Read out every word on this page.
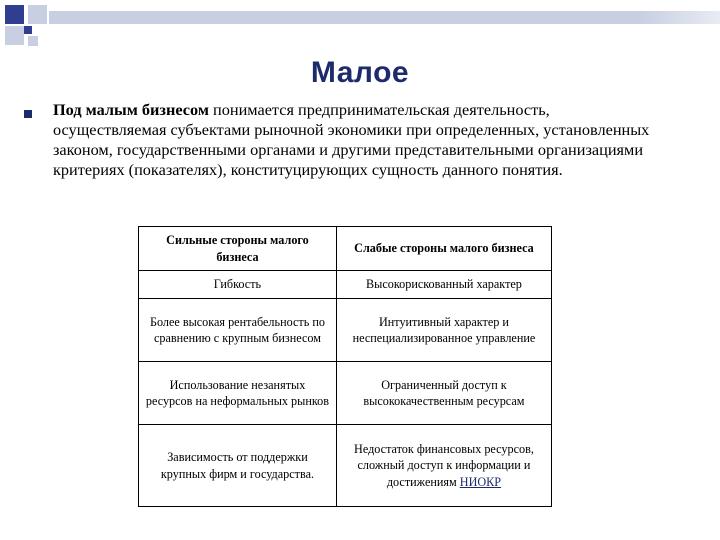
Малое
Под малым бизнесом понимается предпринимательская деятельность, осуществляемая субъектами рыночной экономики при определенных, установленных законом, государственными органами и другими представительными организациями критериях (показателях), конституцирующих сущность данного понятия.
Сильные стороны малого бизнеса	Слабые стороны малого бизнеса
Гибкость	Высокорискованный характер
Более высокая рентабельность по сравнению с крупным бизнесом	Интуитивный характер и неспециализированное управление
Использование незанятых ресурсов на неформальных рынков	Ограниченный доступ к высококачественным ресурсам
Зависимость от поддержки крупных фирм и государства.	Недостаток финансовых ресурсов, сложный доступ к информации и достижениям НИОКР
